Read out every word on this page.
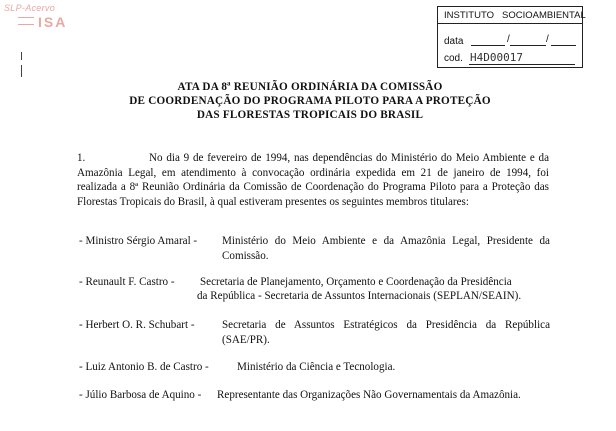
SLP-Acervo
ISA	INSTITUTO SOCIOAMBIENTAL
data	/	/
cod. H4D00017
ATA DA 8ª REUNIÃO ORDINÁRIA DA COMISSÃO
DE COORDENAÇÃO DO PROGRAMA PILOTO PARA A PROTEÇÃO
DAS FLORESTAS TROPICAIS DO BRASIL
1.	No dia 9 de fevereiro de 1994, nas dependências do Ministério do Meio Ambiente e da Amazônia Legal, em atendimento à convocação ordinária expedida em 21 de janeiro de 1994, foi realizada a 8ª Reunião Ordinária da Comissão de Coordenação do Programa Piloto para a Proteção das Florestas Tropicais do Brasil, à qual estiveram presentes os seguintes membros titulares:
- Ministro Sérgio Amaral - Ministério do Meio Ambiente e da Amazônia Legal, Presidente da Comissão.
- Reunault F. Castro - Secretaria de Planejamento, Orçamento e Coordenação da Presidência
da República - Secretaria de Assuntos Internacionais (SEPLAN/SEAIN).
- Herbert O. R. Schubart - Secretaria de Assuntos Estratégicos da Presidência da República (SAE/PR).
- Luiz Antonio B. de Castro -	Ministério da Ciência e Tecnologia.
- Júlio Barbosa de Aquino - Representante das Organizações Não Governamentais da Amazônia.
